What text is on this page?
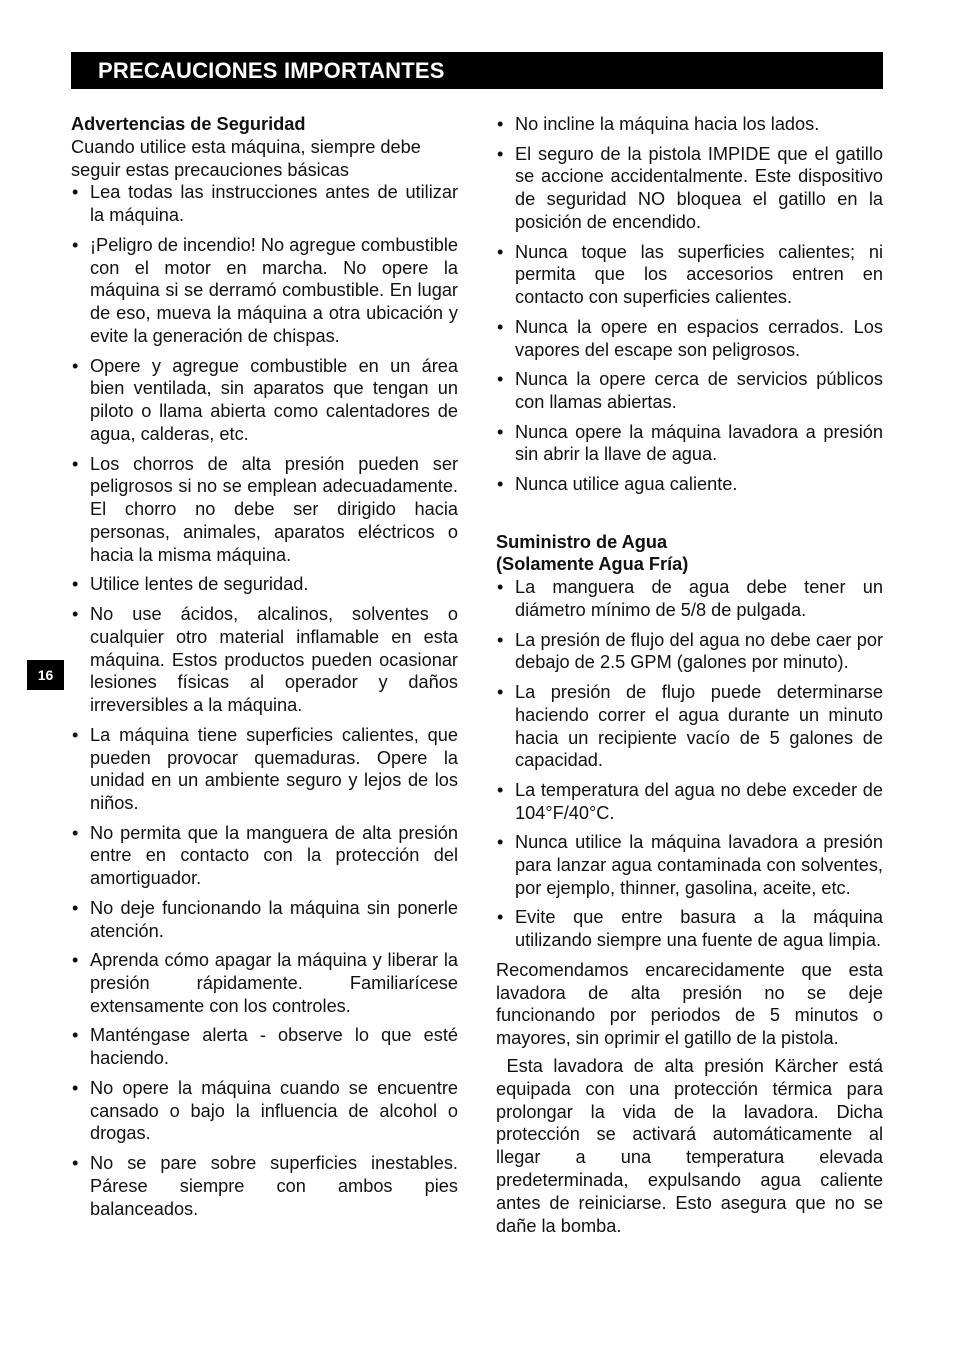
PRECAUCIONES IMPORTANTES
16
Advertencias de Seguridad

Cuando utilice esta máquina, siempre debe seguir estas precauciones básicas

• Lea todas las instrucciones antes de utilizar la máquina.
• ¡Peligro de incendio! No agregue combustible con el motor en marcha. No opere la máquina si se derramó combustible. En lugar de eso, mueva la máquina a otra ubicación y evite la generación de chispas.
• Opere y agregue combustible en un área bien ventilada, sin aparatos que tengan un piloto o llama abierta como calentadores de agua, calderas, etc.
• Los chorros de alta presión pueden ser peligrosos si no se emplean adecuadamente. El chorro no debe ser dirigido hacia personas, animales, aparatos eléctricos o hacia la misma máquina.
• Utilice lentes de seguridad.
• No use ácidos, alcalinos, solventes o cualquier otro material inflamable en esta máquina. Estos productos pueden ocasionar lesiones físicas al operador y daños irreversibles a la máquina.
• La máquina tiene superficies calientes, que pueden provocar quemaduras. Opere la unidad en un ambiente seguro y lejos de los niños.
• No permita que la manguera de alta presión entre en contacto con la protección del amortiguador.
• No deje funcionando la máquina sin ponerle atención.
• Aprenda cómo apagar la máquina y liberar la presión rápidamente. Familiarícese extensamente con los controles.
• Manténgase alerta - observe lo que esté haciendo.
• No opere la máquina cuando se encuentre cansado o bajo la influencia de alcohol o drogas.
• No se pare sobre superficies inestables. Párese siempre con ambos pies balanceados.
• No incline la máquina hacia los lados.
• El seguro de la pistola IMPIDE que el gatillo se accione accidentalmente. Este dispositivo de seguridad NO bloquea el gatillo en la posición de encendido.
• Nunca toque las superficies calientes; ni permita que los accesorios entren en contacto con superficies calientes.
• Nunca la opere en espacios cerrados. Los vapores del escape son peligrosos.
• Nunca la opere cerca de servicios públicos con llamas abiertas.
• Nunca opere la máquina lavadora a presión sin abrir la llave de agua.
• Nunca utilice agua caliente.
Suministro de Agua
(Solamente Agua Fría)
• La manguera de agua debe tener un diámetro mínimo de 5/8 de pulgada.
• La presión de flujo del agua no debe caer por debajo de 2.5 GPM (galones por minuto).
• La presión de flujo puede determinarse haciendo correr el agua durante un minuto hacia un recipiente vacío de 5 galones de capacidad.
• La temperatura del agua no debe exceder de 104°F/40°C.
• Nunca utilice la máquina lavadora a presión para lanzar agua contaminada con solventes, por ejemplo, thinner, gasolina, aceite, etc.
• Evite que entre basura a la máquina utilizando siempre una fuente de agua limpia.

Recomendamos encarecidamente que esta lavadora de alta presión no se deje funcionando por periodos de 5 minutos o mayores, sin oprimir el gatillo de la pistola.

Esta lavadora de alta presión Kärcher está equipada con una protección térmica para prolongar la vida de la lavadora. Dicha protección se activará automáticamente al llegar a una temperatura elevada predeterminada, expulsando agua caliente antes de reiniciarse. Esto asegura que no se dañe la bomba.
